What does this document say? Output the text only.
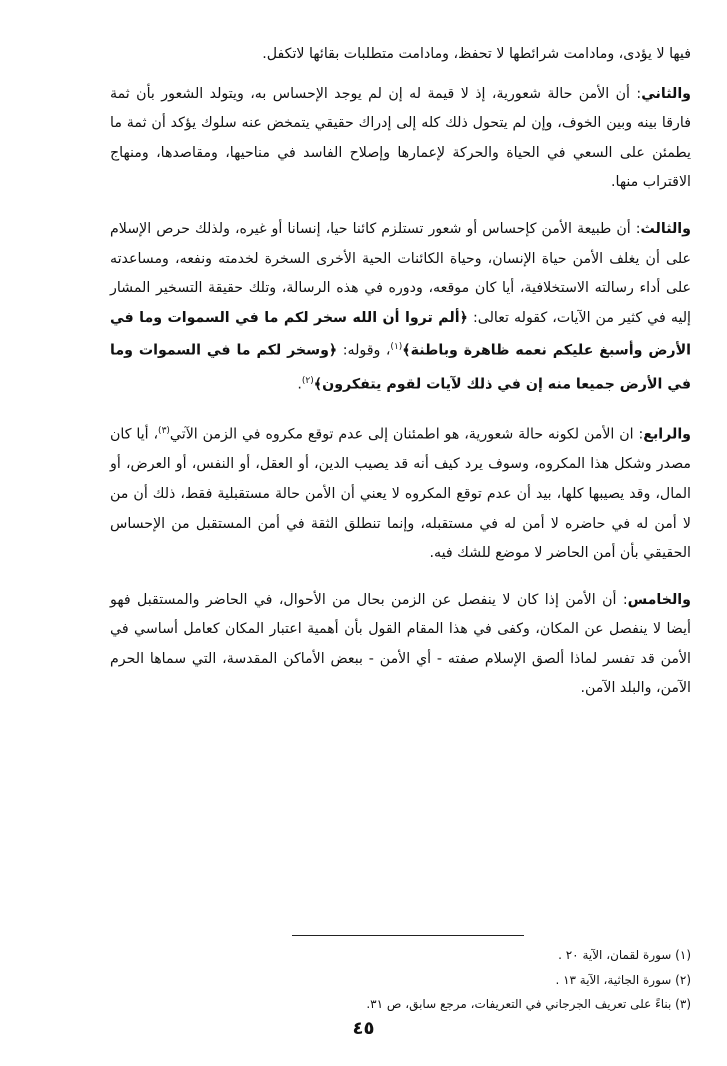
فيها لا يؤدى، ومادامت شرائطها لا تحفظ، ومادامت متطلبات بقائها لاتكفل.

والثاني: أن الأمن حالة شعورية، إذ لا قيمة له إن لم يوجد الإحساس به، ويتولد الشعور بأن ثمة فارقا بينه وبين الخوف، وإن لم يتحول ذلك كله إلى إدراك حقيقي يتمخض عنه سلوك يؤكد أن ثمة ما يطمئن على السعي في الحياة والحركة لإعمارها وإصلاح الفاسد في مناحيها، ومقاصدها، ومنهاج الاقتراب منها.

والثالث: أن طبيعة الأمن كإحساس أو شعور تستلزم كائنا حيا، إنسانا أو غيره، ولذلك حرص الإسلام على أن يغلف الأمن حياة الإنسان، وحياة الكائنات الحية الأخرى السخرة لخدمته ونفعه، ومساعدته على أداء رسالته الاستخلافية، أيا كان موقعه، ودوره في هذه الرسالة، وتلك حقيقة التسخير المشار إليه في كثير من الآيات، كقوله تعالى: ﴿ألم تروا أن الله سخر لكم ما في السموات وما في الأرض وأسبغ عليكم نعمه ظاهرة وباطنة﴾$^{(١)}$، وقوله: ﴿وسخر لكم ما في السموات وما في الأرض جميعا منه إن في ذلك لآيات لقوم يتفكرون﴾$^{(٢)}$.

والرابع: ان الأمن لكونه حالة شعورية، هو اطمئنان إلى عدم توقع مكروه في الزمن الآتي$^{(٣)}$، أيا كان مصدر وشكل هذا المكروه، وسوف يرد كيف أنه قد يصيب الدين، أو العقل، أو النفس، أو العرض، أو المال، وقد يصيبها كلها، بيد أن عدم توقع المكروه لا يعني أن الأمن حالة مستقبلية فقط، ذلك أن من لا أمن له في حاضره لا أمن له في مستقبله، وإنما تنطلق الثقة في أمن المستقبل من الإحساس الحقيقي بأن أمن الحاضر لا موضع للشك فيه.

والخامس: أن الأمن إذا كان لا ينفصل عن الزمن بحال من الأحوال، في الحاضر والمستقبل فهو أيضا لا ينفصل عن المكان، وكفى في هذا المقام القول بأن أهمية اعتبار المكان كعامل أساسي في الأمن قد تفسر لماذا ألصق الإسلام صفته - أي الأمن - ببعض الأماكن المقدسة، التي سماها الحرم الآمن، والبلد الآمن.

(١) سورة لقمان، الآية ٢٠ .
(٢) سورة الجاثية، الآية ١٣ .
(٣) بناءً على تعريف الجرجاني في التعريفات، مرجع سابق، ص ٣١.
٤٥
